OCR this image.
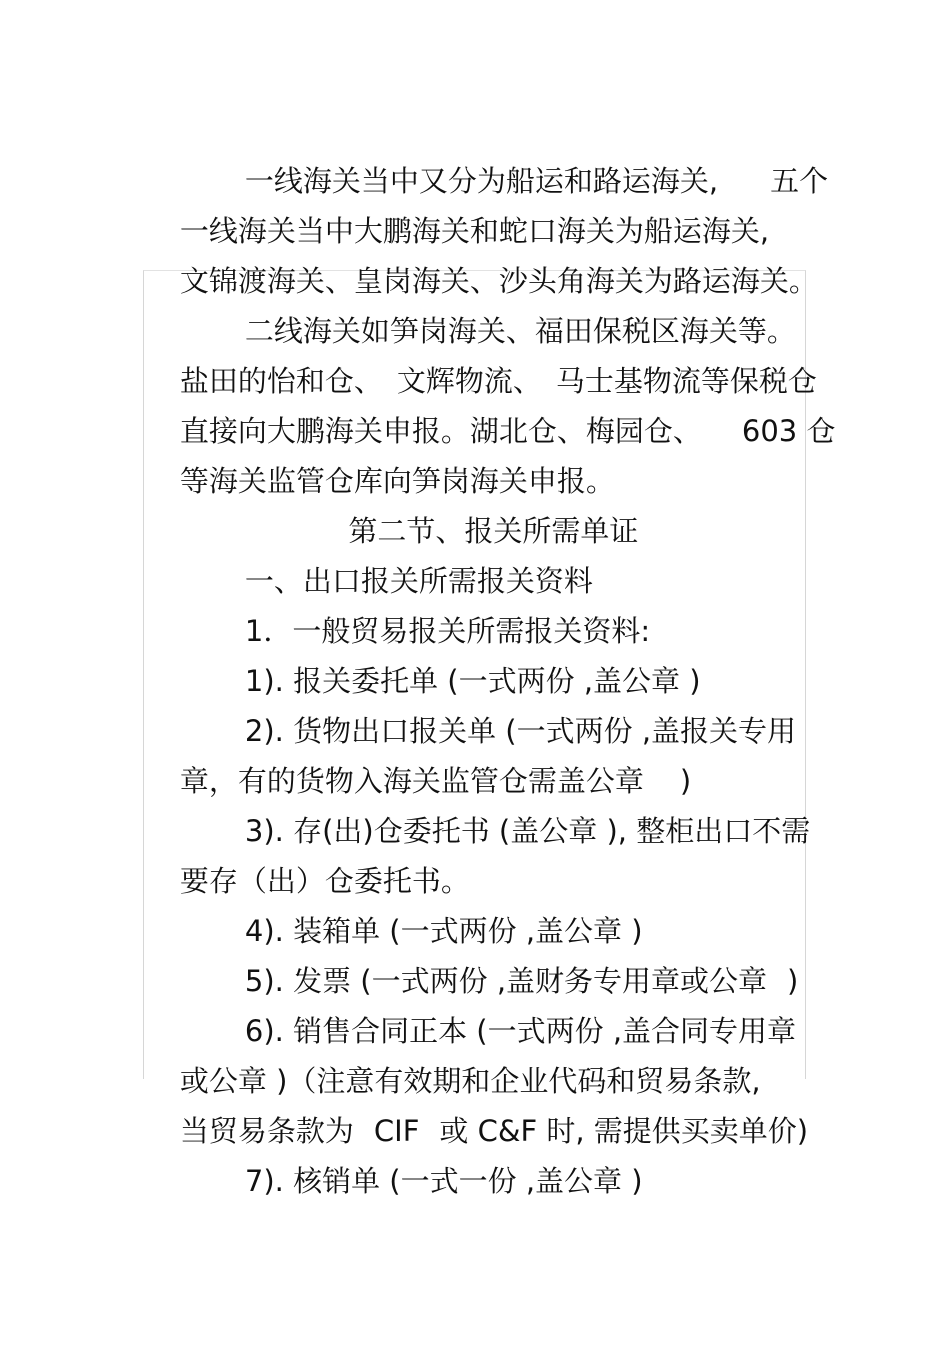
一线海关当中又分为船运和路运海关, 五个

一线海关当中大鹏海关和蛇口海关为船运海关,

文锦渡海关、皇岗海关、沙头角海关为路运海关。

二线海关如笋岗海关、福田保税区海关等。

盐田的怡和仓、 文辉物流、 马士基物流等保税仓

直接向大鹏海关申报。湖北仓、梅园仓、 603 仓

等海关监管仓库向笋岗海关申报。

第二节、报关所需单证

一、出口报关所需报关资料

1．一般贸易报关所需报关资料:

1). 报关委托单 (一式两份 ,盖公章 )

2). 货物出口报关单 (一式两份 ,盖报关专用

章，有的货物入海关监管仓需盖公章 )

3). 存(出)仓委托书 (盖公章 ), 整柜出口不需

要存（出）仓委托书。

4). 装箱单 (一式两份 ,盖公章 )

5). 发票 (一式两份 ,盖财务专用章或公章 )

6). 销售合同正本 (一式两份 ,盖合同专用章

或公章 )（注意有效期和企业代码和贸易条款,

当贸易条款为 CIF 或 C&F 时, 需提供买卖单价)

7). 核销单 (一式一份 ,盖公章 )
